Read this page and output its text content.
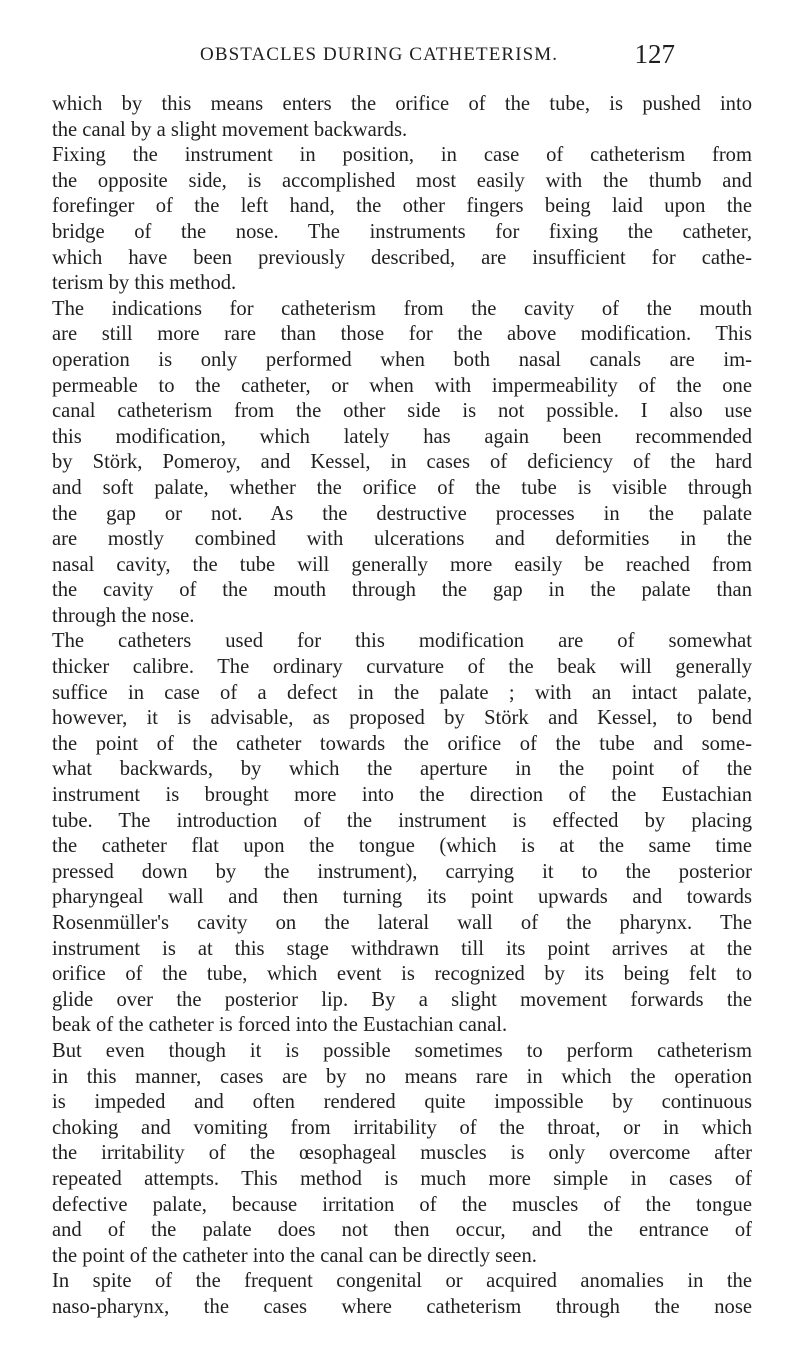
OBSTACLES DURING CATHETERISM.	127
which by this means enters the orifice of the tube, is pushed into
the canal by a slight movement backwards.
Fixing the instrument in position, in case of catheterism from
the opposite side, is accomplished most easily with the thumb and
forefinger of the left hand, the other fingers being laid upon the
bridge of the nose. The instruments for fixing the catheter,
which have been previously described, are insufficient for cathe-
terism by this method.
The indications for catheterism from the cavity of the mouth
are still more rare than those for the above modification. This
operation is only performed when both nasal canals are im-
permeable to the catheter, or when with impermeability of the one
canal catheterism from the other side is not possible. I also use
this modification, which lately has again been recommended
by Störk, Pomeroy, and Kessel, in cases of deficiency of the hard
and soft palate, whether the orifice of the tube is visible through
the gap or not. As the destructive processes in the palate
are mostly combined with ulcerations and deformities in the
nasal cavity, the tube will generally more easily be reached from
the cavity of the mouth through the gap in the palate than
through the nose.
The catheters used for this modification are of somewhat
thicker calibre. The ordinary curvature of the beak will generally
suffice in case of a defect in the palate ; with an intact palate,
however, it is advisable, as proposed by Störk and Kessel, to bend
the point of the catheter towards the orifice of the tube and some-
what backwards, by which the aperture in the point of the
instrument is brought more into the direction of the Eustachian
tube. The introduction of the instrument is effected by placing
the catheter flat upon the tongue (which is at the same time
pressed down by the instrument), carrying it to the posterior
pharyngeal wall and then turning its point upwards and towards
Rosenmüller's cavity on the lateral wall of the pharynx. The
instrument is at this stage withdrawn till its point arrives at the
orifice of the tube, which event is recognized by its being felt to
glide over the posterior lip. By a slight movement forwards the
beak of the catheter is forced into the Eustachian canal.
But even though it is possible sometimes to perform catheterism
in this manner, cases are by no means rare in which the operation
is impeded and often rendered quite impossible by continuous
choking and vomiting from irritability of the throat, or in which
the irritability of the œsophageal muscles is only overcome after
repeated attempts. This method is much more simple in cases of
defective palate, because irritation of the muscles of the tongue
and of the palate does not then occur, and the entrance of
the point of the catheter into the canal can be directly seen.
In spite of the frequent congenital or acquired anomalies in the
naso-pharynx, the cases where catheterism through the nose
